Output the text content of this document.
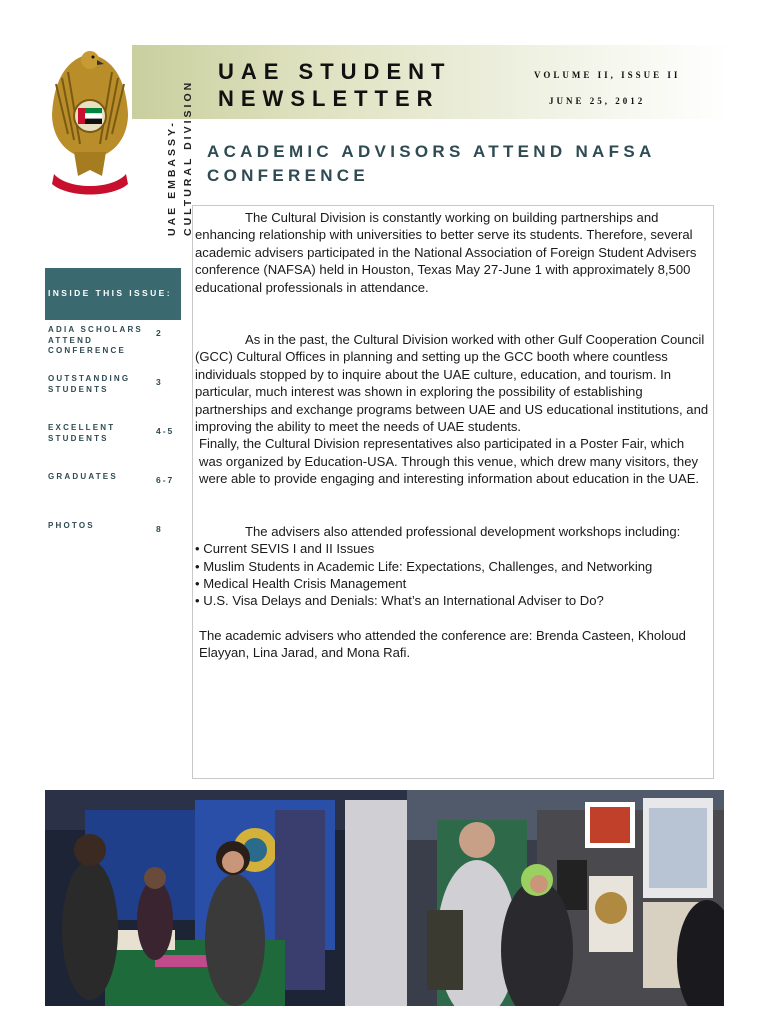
UAE STUDENT
NEWSLETTER
VOLUME II, ISSUE II
JUNE 25, 2012
UAE EMBASSY- CULTURAL DIVISION ACADEMIC ADVISORS ATTEND NAFSA CONFERENCE

The Cultural Division is constantly working on building partnerships and enhancing relationship with universities to better serve its students. Therefore, several academic advisers participated in the National Association of Foreign Student Advisers conference (NAFSA) held in Houston, Texas May 27-June 1 with approximately 8,500 educational professionals in attendance.

As in the past, the Cultural Division worked with other Gulf Cooperation Council (GCC) Cultural Offices in planning and setting up the GCC booth where countless individuals stopped by to inquire about the UAE culture, education, and tourism. In particular, much interest was shown in exploring the possibility of establishing partnerships and exchange programs between UAE and US educational institutions, and improving the ability to meet the needs of UAE students.

Finally, the Cultural Division representatives also participated in a Poster Fair, which was organized by Education-USA. Through this venue, which drew many visitors, they were able to provide engaging and interesting information about education in the UAE.

The advisers also attended professional development workshops including:

• Current SEVIS I and II Issues
• Muslim Students in Academic Life: Expectations, Challenges, and Networking
• Medical Health Crisis Management
• U.S. Visa Delays and Denials: What’s an International Adviser to Do?

The academic advisers who attended the conference are: Brenda Casteen, Kholoud Elayyan, Lina Jarad, and Mona Rafi.

INSIDE THIS ISSUE:
ADIA SCHOLARS ATTEND CONFERENCE
2
OUTSTANDING STUDENTS
3
EXCELLENT STUDENTS
4-5
GRADUATES	6-7
PHOTOS	8
